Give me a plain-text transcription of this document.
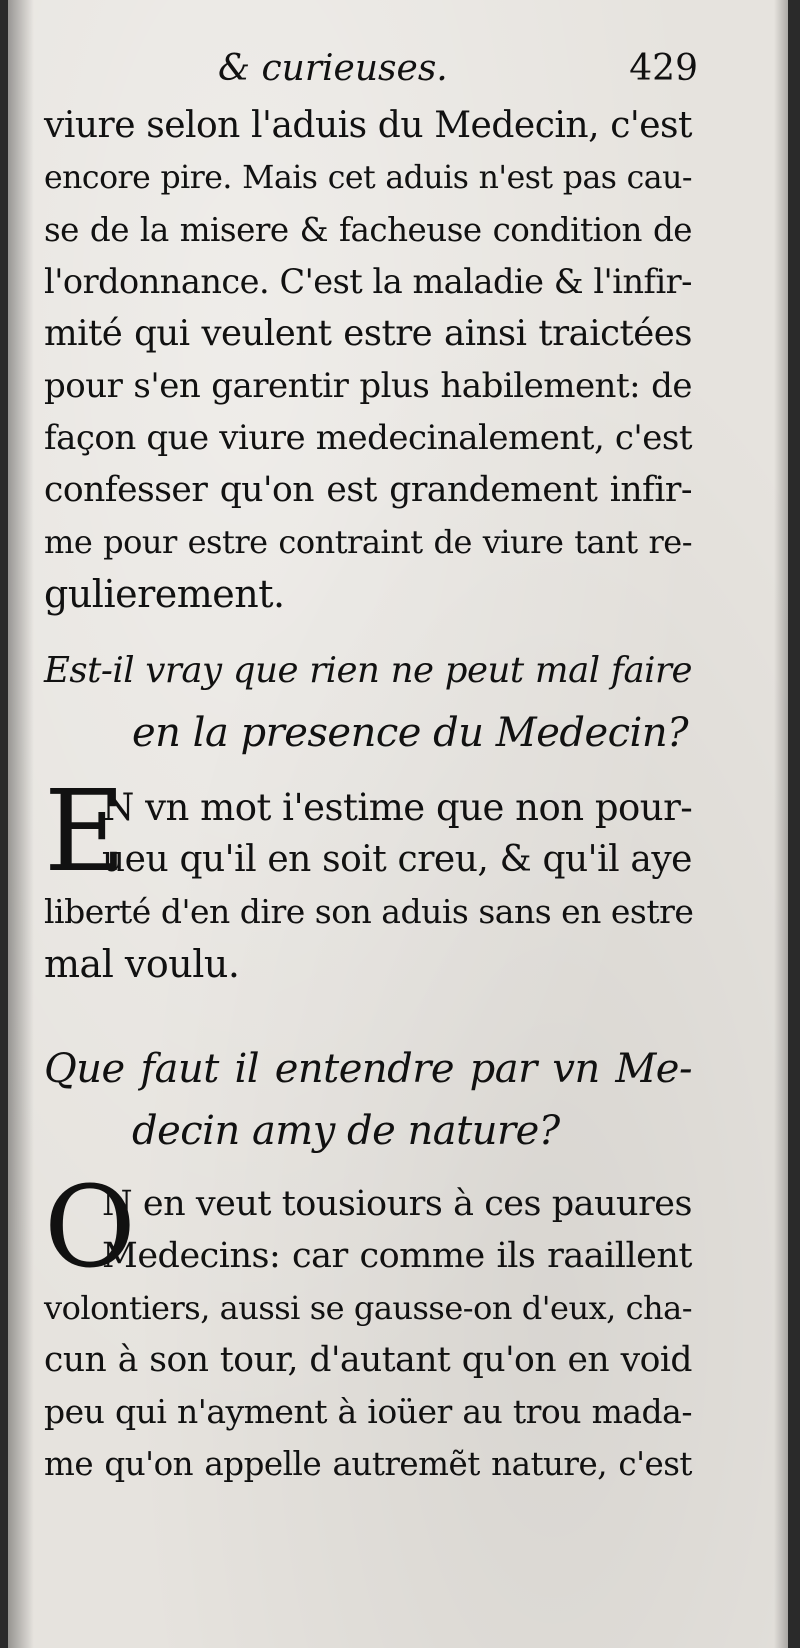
& curieuses.	429
viure selon l'aduis du Medecin, c'est
encore pire. Mais cet aduis n'est pas cau-
se de la misere & facheuse condition de
l'ordonnance. C'est la maladie & l'infir-
mité qui veulent estre ainsi traictées
pour s'en garentir plus habilement: de
façon que viure medecinalement, c'est
confesser qu'on est grandement infir-
me pour estre contraint de viure tant re-
gulierement.
Est-il vray que rien ne peut mal faire
en la presence du Medecin?
E
N vn mot i'estime que non pour-
ueu qu'il en soit creu, & qu'il aye
liberté d'en dire son aduis sans en estre
mal voulu.
Que faut il entendre par vn Me-
decin amy de nature?
O
N en veut tousiours à ces pauures
Medecins: car comme ils raaillent
volontiers, aussi se gausse-on d'eux, cha-
cun à son tour, d'autant qu'on en void
peu qui n'ayment à ioüer au trou mada-
me qu'on appelle autremẽt nature, c'est
